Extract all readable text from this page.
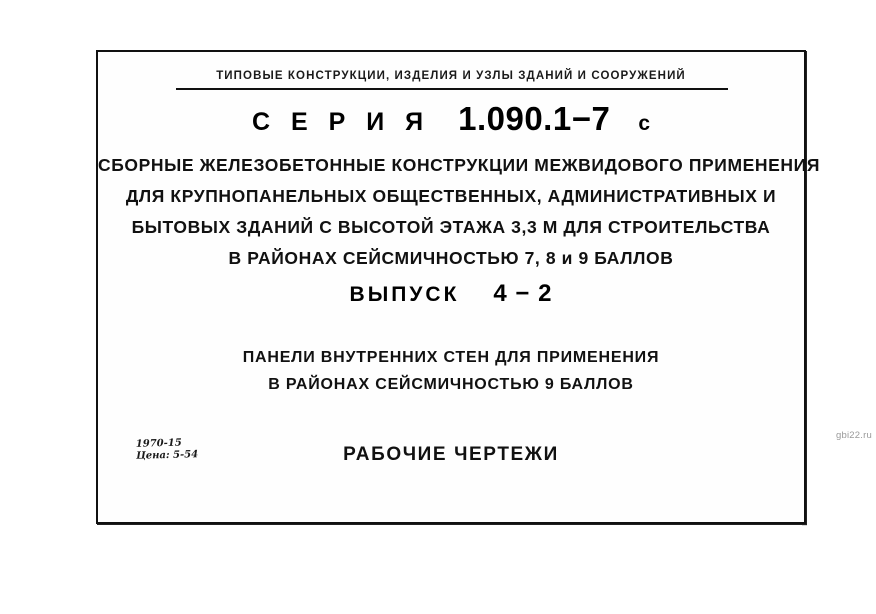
ТИПОВЫЕ КОНСТРУКЦИИ, ИЗДЕЛИЯ И УЗЛЫ ЗДАНИЙ И СООРУЖЕНИЙ
С Е Р И Я 1.090.1−7 с
СБОРНЫЕ ЖЕЛЕЗОБЕТОННЫЕ КОНСТРУКЦИИ МЕЖВИДОВОГО ПРИМЕНЕНИЯ
ДЛЯ КРУПНОПАНЕЛЬНЫХ ОБЩЕСТВЕННЫХ, АДМИНИСТРАТИВНЫХ И
БЫТОВЫХ ЗДАНИЙ С ВЫСОТОЙ ЭТАЖА 3,3 М ДЛЯ СТРОИТЕЛЬСТВА
В РАЙОНАХ СЕЙСМИЧНОСТЬЮ 7, 8 и 9 БАЛЛОВ
ВЫПУСК 4 − 2
ПАНЕЛИ ВНУТРЕННИХ СТЕН ДЛЯ ПРИМЕНЕНИЯ
В РАЙОНАХ СЕЙСМИЧНОСТЬЮ 9 БАЛЛОВ
РАБОЧИЕ ЧЕРТЕЖИ
1970-15
Цена: 5-54
gbi22.ru
